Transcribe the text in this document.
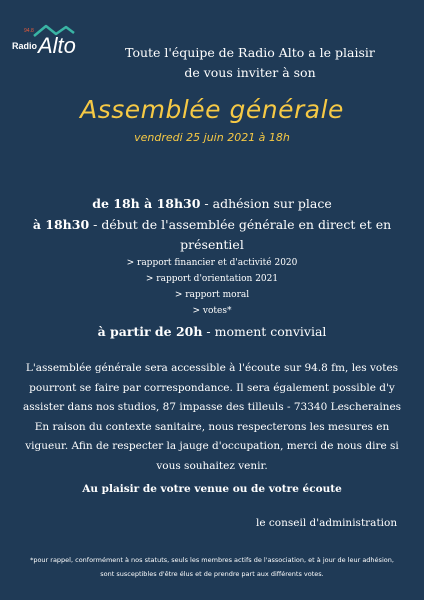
94.8
Radio Alto	Toute l'équipe de Radio Alto a le plaisir
de vous inviter à son
Assemblée générale
vendredi 25 juin 2021 à 18h
de 18h à 18h30 - adhésion sur place
à 18h30 - début de l'assemblée générale en direct et en présentiel
> rapport financier et d'activité 2020
> rapport d'orientation 2021
> rapport moral
> votes*
à partir de 20h - moment convivial
L'assemblée générale sera accessible à l'écoute sur 94.8 fm, les votes pourront se faire par correspondance. Il sera également possible d'y assister dans nos studios, 87 impasse des tilleuls - 73340 Lescheraines En raison du contexte sanitaire, nous respecterons les mesures en vigueur. Afin de respecter la jauge d'occupation, merci de nous dire si vous souhaitez venir.
Au plaisir de votre venue ou de votre écoute
le conseil d'administration
*pour rappel, conformément à nos statuts, seuls les membres actifs de l'association, et à jour de leur adhésion, sont susceptibles d'être élus et de prendre part aux différents votes.
